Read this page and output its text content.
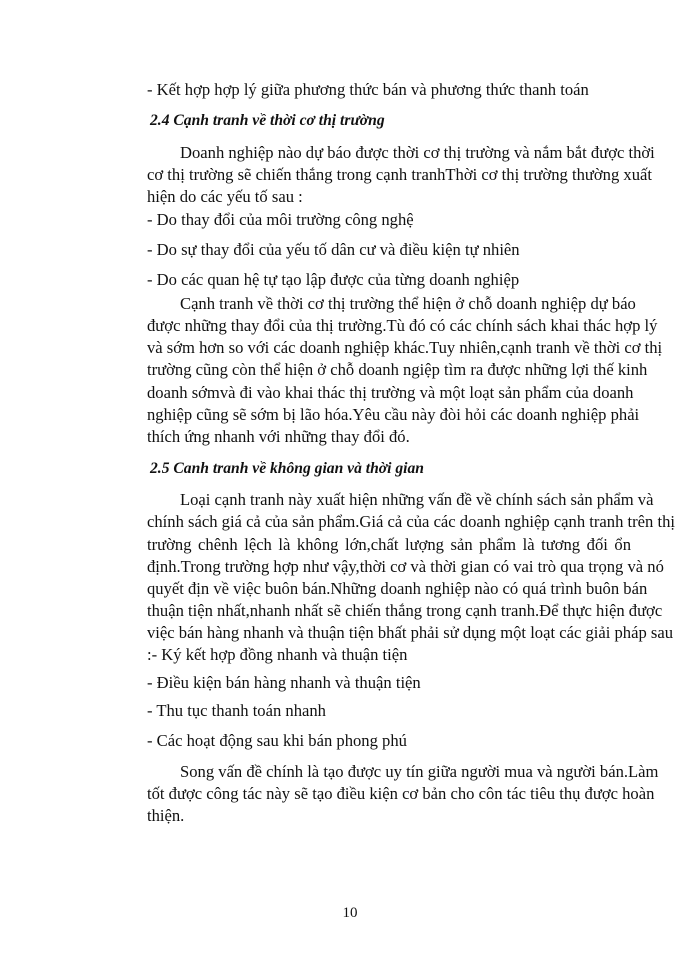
- Kết hợp hợp lý giữa phương thức bán và phương thức thanh toán
2.4 Cạnh tranh về thời cơ thị trường
Doanh nghiệp nào dự báo được thời cơ thị trường và nắm bắt được thời
cơ thị trường sẽ chiến thắng trong cạnh tranhThời cơ thị trường thường xuất
hiện do các yếu tố sau :
- Do thay đổi của môi trường công nghệ
- Do sự thay đổi của yếu tố dân cư và điều kiện tự nhiên
- Do các quan hệ tự tạo lập được của từng doanh nghiệp
Cạnh tranh về thời cơ thị trường thể hiện ở chỗ doanh nghiệp dự báo
được những thay đổi của thị trường.Tù đó có các chính sách khai thác hợp lý
và sớm hơn so với các doanh nghiệp khác.Tuy nhiên,cạnh tranh về thời cơ thị
trường cũng còn thể hiện ở chỗ doanh ngiệp tìm ra được những lợi thế kinh
doanh sớmvà đi vào khai thác thị trường và một loạt sản phẩm của doanh
nghiệp cũng sẽ sớm bị lão hóa.Yêu cầu này đòi hỏi các doanh nghiệp phải
thích ứng nhanh với những thay đổi đó.
2.5 Canh tranh về không gian và thời gian
Loại cạnh tranh này xuất hiện những vấn đề về chính sách sản phẩm và
chính sách giá cả của sản phẩm.Giá cả của các doanh nghiệp cạnh tranh trên thị
trường chênh lệch là không lớn,chất lượng sản phẩm là tương đối ổn
định.Trong trường hợp như vậy,thời cơ và thời gian có vai trò qua trọng và nó
quyết địn về việc buôn bán.Những doanh nghiệp nào có quá trình buôn bán
thuận tiện nhất,nhanh nhất sẽ chiến thắng trong cạnh tranh.Để thực hiện được
việc bán hàng nhanh và thuận tiện bhất phải sử dụng một loạt các giải pháp sau
:- Ký kết hợp đồng nhanh và thuận tiện
- Điều kiện bán hàng nhanh và thuận tiện
- Thu tục thanh toán nhanh
- Các hoạt động sau khi bán phong phú
Song vấn đề chính là tạo được uy tín giữa người mua và người bán.Làm
tốt được công tác này sẽ tạo điều kiện cơ bản cho côn tác tiêu thụ được hoàn
thiện.
10
